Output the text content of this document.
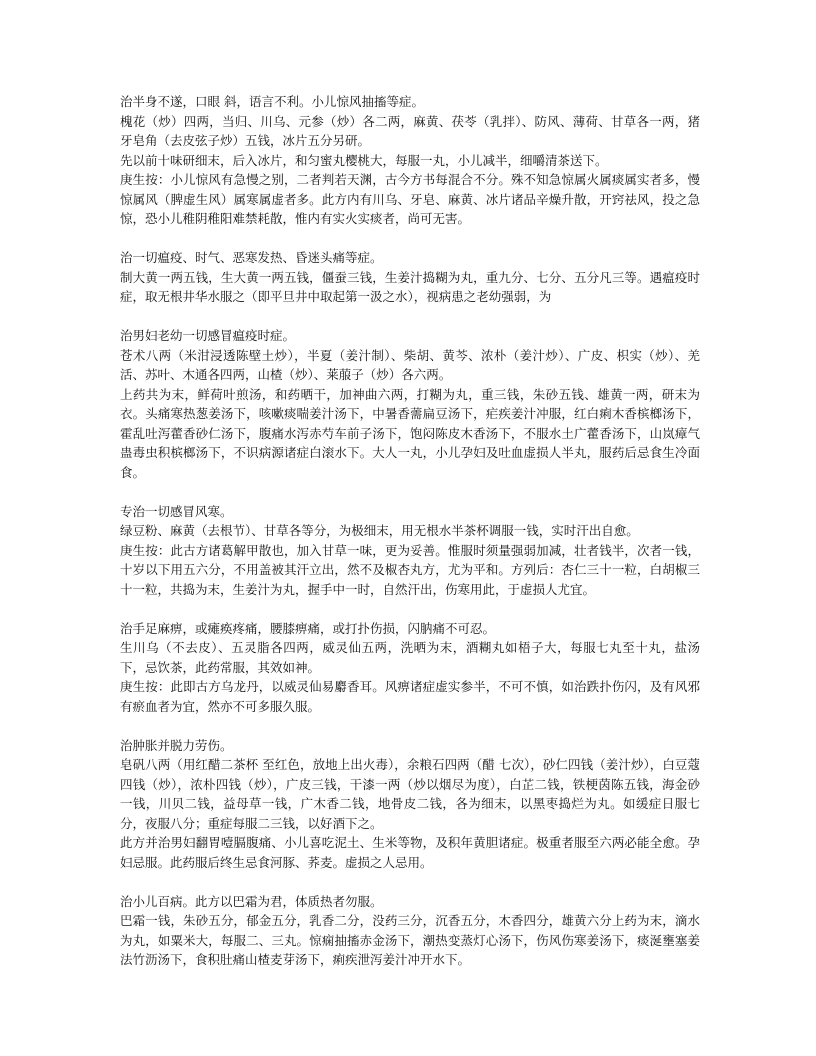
治半身不遂，口眼 斜，语言不利。小儿惊风抽搐等症。

槐花（炒）四两，当归、川乌、元参（炒）各二两，麻黄、茯苓（乳拌）、防风、薄荷、甘草各一两，猪牙皂角（去皮弦子炒）五钱，冰片五分另研。

先以前十味研细末，后入冰片，和匀蜜丸樱桃大，每服一丸，小儿减半，细嚼清茶送下。

庚生按：小儿惊风有急慢之别，二者判若天渊，古今方书每混合不分。殊不知急惊属火属痰属实者多，慢惊属风（脾虚生风）属寒属虚者多。此方内有川乌、牙皂、麻黄、冰片诸品辛燥升散，开窍祛风，投之急惊，恐小儿稚阴稚阳难禁耗散，惟内有实火实痰者，尚可无害。

治一切瘟疫、时气、恶寒发热、昏迷头痛等症。

制大黄一两五钱，生大黄一两五钱，僵蚕三钱，生姜汁捣糊为丸，重九分、七分、五分凡三等。遇瘟疫时症，取无根井华水服之（即平旦井中取起第一汲之水），视病患之老幼强弱，为

治男妇老幼一切感冒瘟疫时症。

苍术八两（米泔浸透陈壁土炒），半夏（姜汁制）、柴胡、黄芩、浓朴（姜汁炒）、广皮、枳实（炒）、羌活、苏叶、木通各四两，山楂（炒）、莱菔子（炒）各六两。

上药共为末，鲜荷叶煎汤，和药晒干，加神曲六两，打糊为丸，重三钱，朱砂五钱、雄黄一两，研末为衣。头痛寒热葱姜汤下，咳嗽痰喘姜汁汤下，中暑香薷扁豆汤下，疟疾姜汁冲服，红白痢木香槟榔汤下，霍乱吐泻藿香砂仁汤下，腹痛水泻赤芍车前子汤下，饱闷陈皮木香汤下，不服水土广藿香汤下，山岚瘴气蛊毒虫积槟榔汤下，不识病源诸症白滚水下。大人一丸，小儿孕妇及吐血虚损人半丸，服药后忌食生冷面食。

专治一切感冒风寒。

绿豆粉、麻黄（去根节）、甘草各等分，为极细末，用无根水半茶杯调服一钱，实时汗出自愈。

庚生按：此古方诸葛解甲散也，加入甘草一味，更为妥善。惟服时须量强弱加减，壮者钱半，次者一钱，十岁以下用五六分，不用盖被其汗立出，然不及椒杏丸方，尤为平和。方列后：杏仁三十一粒，白胡椒三十一粒，共捣为末，生姜汁为丸，握手中一时，自然汗出，伤寒用此，于虚损人尤宜。

治手足麻痹，或瘫痪疼痛，腰膝痹痛，或打扑伤损，闪肭痛不可忍。

生川乌（不去皮）、五灵脂各四两，威灵仙五两，洗晒为末，酒糊丸如梧子大，每服七丸至十丸，盐汤下，忌饮茶，此药常服，其效如神。

庚生按：此即古方乌龙丹，以威灵仙易麝香耳。风痹诸症虚实参半，不可不慎，如治跌扑伤闪，及有风邪有瘀血者为宜，然亦不可多服久服。

治肿胀并脱力劳伤。

皂矾八两（用红醋二茶杯 至红色，放地上出火毒），余粮石四两（醋 七次），砂仁四钱（姜汁炒），白豆蔻四钱（炒），浓朴四钱（炒），广皮三钱，干漆一两（炒以烟尽为度），白芷二钱，铁梗茵陈五钱，海金砂一钱，川贝二钱，益母草一钱，广木香二钱，地骨皮二钱，各为细末，以黑枣捣烂为丸。如缓症日服七分，夜服八分；重症每服二三钱，以好酒下之。

此方并治男妇翻胃噎膈腹痛、小儿喜吃泥土、生米等物，及积年黄胆诸症。极重者服至六两必能全愈。孕妇忌服。此药服后终生忌食河豚、荞麦。虚损之人忌用。

治小儿百病。此方以巴霜为君，体质热者勿服。

巴霜一钱，朱砂五分，郁金五分，乳香二分，没药三分，沉香五分，木香四分，雄黄六分上药为末，滴水为丸，如粟米大，每服二、三丸。惊痫抽搐赤金汤下，潮热变蒸灯心汤下，伤风伤寒姜汤下，痰涎壅塞姜法竹沥汤下，食积肚痛山楂麦芽汤下，痢疾泄泻姜汁冲开水下。
